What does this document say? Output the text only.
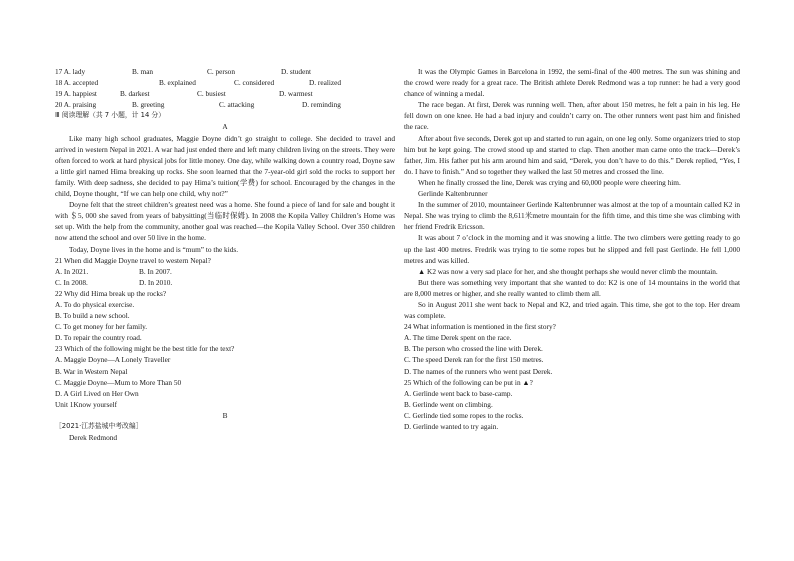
17 A. lady	B. man	C. person	D. student
18 A. accepted	B. explained	C. considered	D. realized
19 A. happiest	B. darkest	C. busiest	D. warmest
20 A. praising	B. greeting	C. attacking	D. reminding
Ⅲ 阅读理解（共 7 小题，计 14 分）
A
Like many high school graduates, Maggie Doyne didn’t go straight to college. She decided to travel and arrived in western Nepal in 2021. A war had just ended there and left many children living on the streets. They were often forced to work at hard physical jobs for little money. One day, while walking down a country road, Doyne saw a little girl named Hima breaking up rocks. She soon learned that the 7-year-old girl sold the rocks to support her family. With deep sadness, she decided to pay Hima’s tuition(学费) for school. Encouraged by the changes in the child, Doyne thought, “If we can help one child, why not?”
Doyne felt that the street children’s greatest need was a home. She found a piece of land for sale and bought it with ＄5, 000 she saved from years of babysitting(当临时保姆). In 2008 the Kopila Valley Children’s Home was set up. With the help from the community, another goal was reached—the Kopila Valley School. Over 350 children now attend the school and over 50 live in the home.
Today, Doyne lives in the home and is “mum” to the kids.
21 When did Maggie Doyne travel to western Nepal?
A. In 2021.	B. In 2007.
C. In 2008.	D. In 2010.
22 Why did Hima break up the rocks?
A. To do physical exercise.
B. To build a new school.
C. To get money for her family.
D. To repair the country road.
23 Which of the following might be the best title for the text?
A. Maggie Doyne—A Lonely Traveller
B. War in Western Nepal
C. Maggie Doyne—Mum to More Than 50
D. A Girl Lived on Her Own
Unit 1Know yourself
B
［2021·江苏盐城中考改编］
Derek Redmond
It was the Olympic Games in Barcelona in 1992, the semi-final of the 400 metres. The sun was shining and the crowd were ready for a great race. The British athlete Derek Redmond was a top runner: he had a very good chance of winning a medal.
The race began. At first, Derek was running well. Then, after about 150 metres, he felt a pain in his leg. He fell down on one knee. He had a bad injury and couldn’t carry on. The other runners went past him and finished the race.
After about five seconds, Derek got up and started to run again, on one leg only. Some organizers tried to stop him but he kept going. The crowd stood up and started to clap. Then another man came onto the track—Derek’s father, Jim. His father put his arm around him and said, “Derek, you don’t have to do this.” Derek replied, “Yes, I do. I have to finish.” And so together they walked the last 50 metres and crossed the line.
When he finally crossed the line, Derek was crying and 60,000 people were cheering him.
Gerlinde Kaltenbrunner
In the summer of 2010, mountaineer Gerlinde Kaltenbrunner was almost at the top of a mountain called K2 in Nepal. She was trying to climb the 8,611米metre mountain for the fifth time, and this time she was climbing with her friend Fredrik Ericsson.
It was about 7 o’clock in the morning and it was snowing a little. The two climbers were getting ready to go up the last 400 metres. Fredrik was trying to tie some ropes but he slipped and fell past Gerlinde. He fell 1,000 metres and was killed.
▲ K2 was now a very sad place for her, and she thought perhaps she would never climb the mountain.
But there was something very important that she wanted to do: K2 is one of 14 mountains in the world that are 8,000 metres or higher, and she really wanted to climb them all.
So in August 2011 she went back to Nepal and K2, and tried again. This time, she got to the top. Her dream was complete.
24 What information is mentioned in the first story?
A. The time Derek spent on the race.
B. The person who crossed the line with Derek.
C. The speed Derek ran for the first 150 metres.
D. The names of the runners who went past Derek.
25 Which of the following can be put in ▲?
A. Gerlinde went back to base-camp.
B. Gerlinde went on climbing.
C. Gerlinde tied some ropes to the rocks.
D. Gerlinde wanted to try again.
